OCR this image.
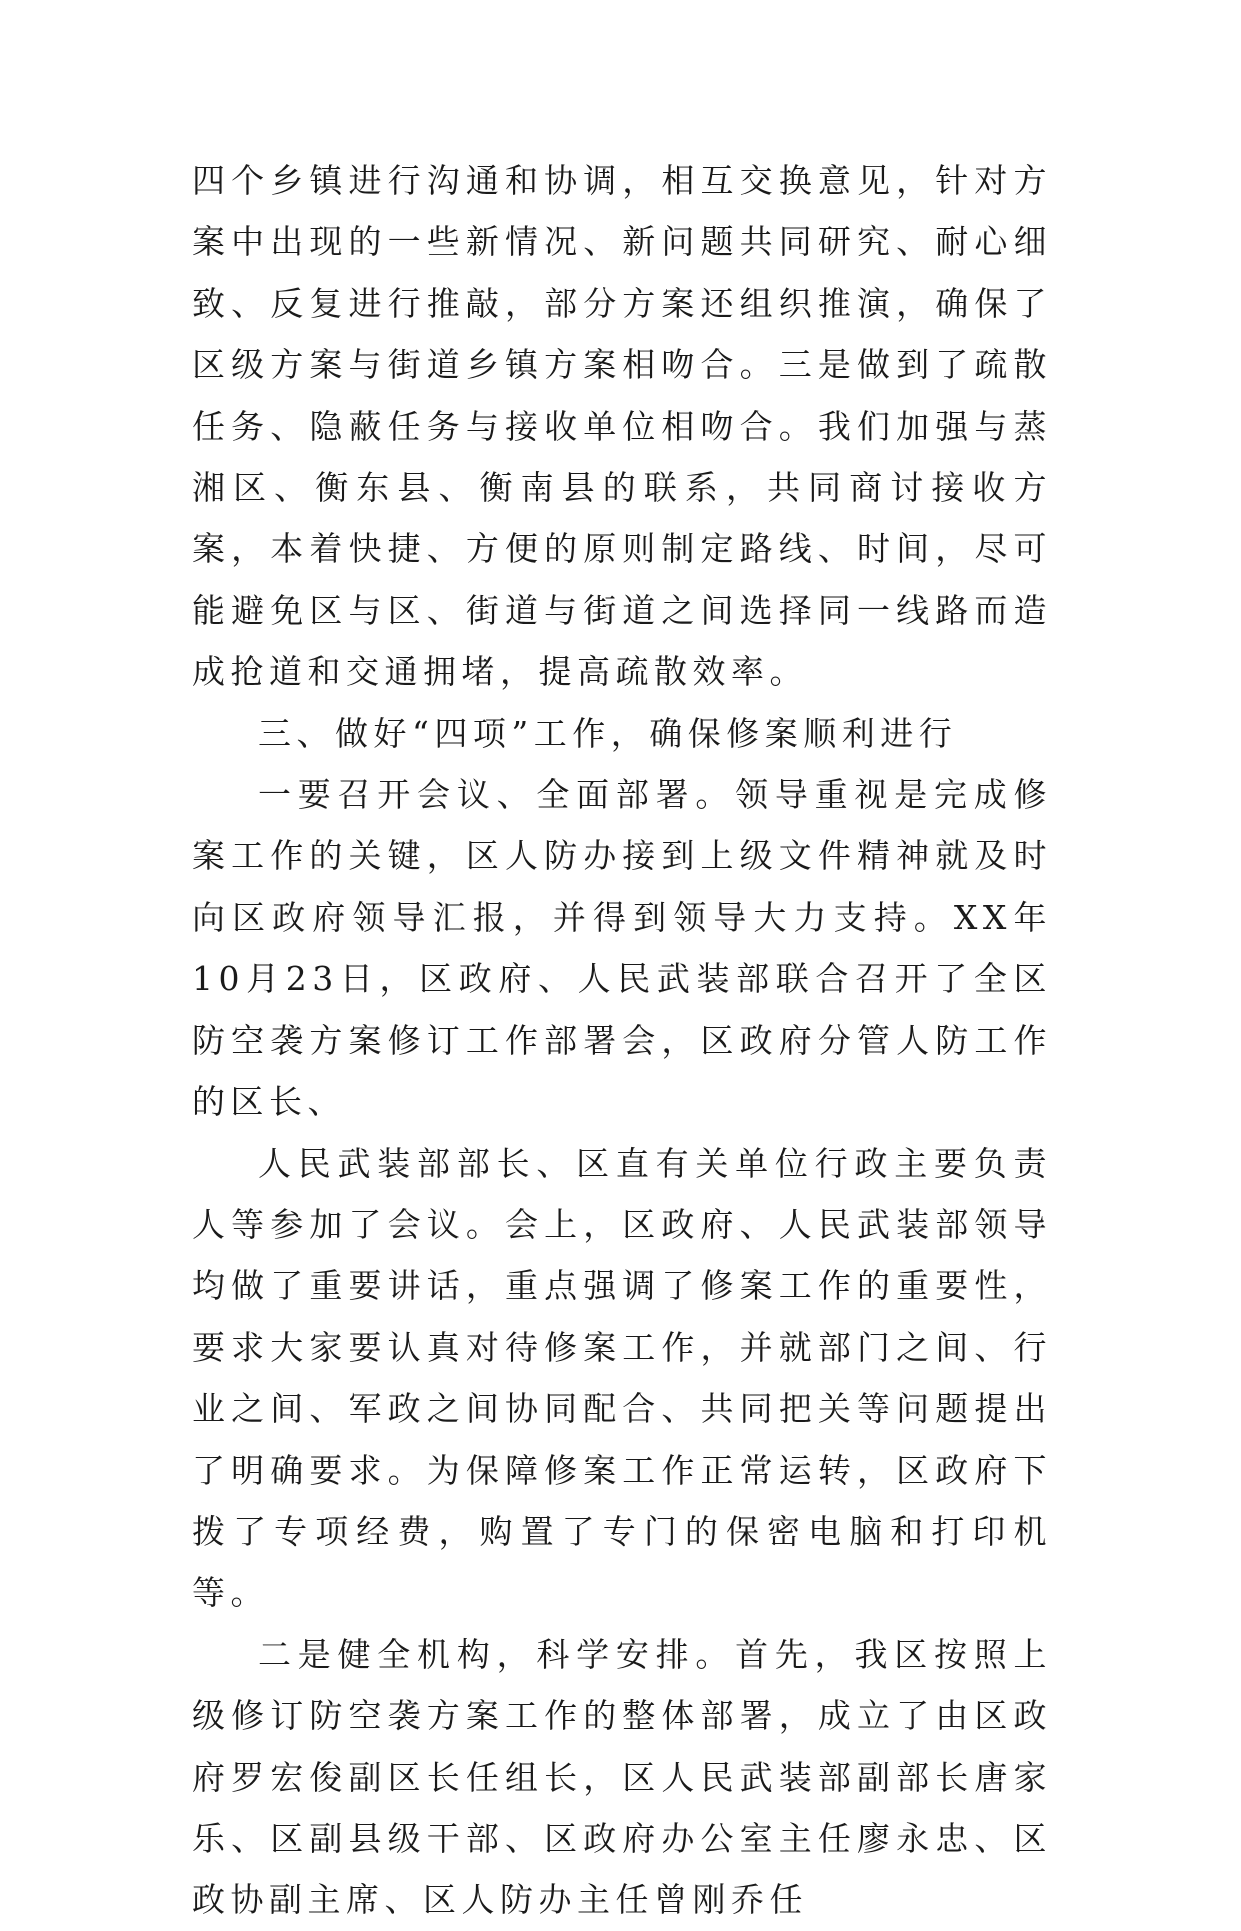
四个乡镇进行沟通和协调，相互交换意见，针对方案中出现的一些新情况、新问题共同研究、耐心细致、反复进行推敲，部分方案还组织推演，确保了区级方案与街道乡镇方案相吻合。三是做到了疏散任务、隐蔽任务与接收单位相吻合。我们加强与蒸湘区、衡东县、衡南县的联系，共同商讨接收方案，本着快捷、方便的原则制定路线、时间，尽可能避免区与区、街道与街道之间选择同一线路而造成抢道和交通拥堵，提高疏散效率。

三、做好“四项”工作，确保修案顺利进行

一要召开会议、全面部署。领导重视是完成修案工作的关键，区人防办接到上级文件精神就及时向区政府领导汇报，并得到领导大力支持。XX年10月23日，区政府、人民武装部联合召开了全区防空袭方案修订工作部署会，区政府分管人防工作的区长、

人民武装部部长、区直有关单位行政主要负责人等参加了会议。会上，区政府、人民武装部领导均做了重要讲话，重点强调了修案工作的重要性，要求大家要认真对待修案工作，并就部门之间、行业之间、军政之间协同配合、共同把关等问题提出了明确要求。为保障修案工作正常运转，区政府下拨了专项经费，购置了专门的保密电脑和打印机等。

二是健全机构，科学安排。首先，我区按照上级修订防空袭方案工作的整体部署，成立了由区政府罗宏俊副区长任组长，区人民武装部副部长唐家乐、区副县级干部、区政府办公室主任廖永忠、区政协副主席、区人防办主任曾刚乔任
